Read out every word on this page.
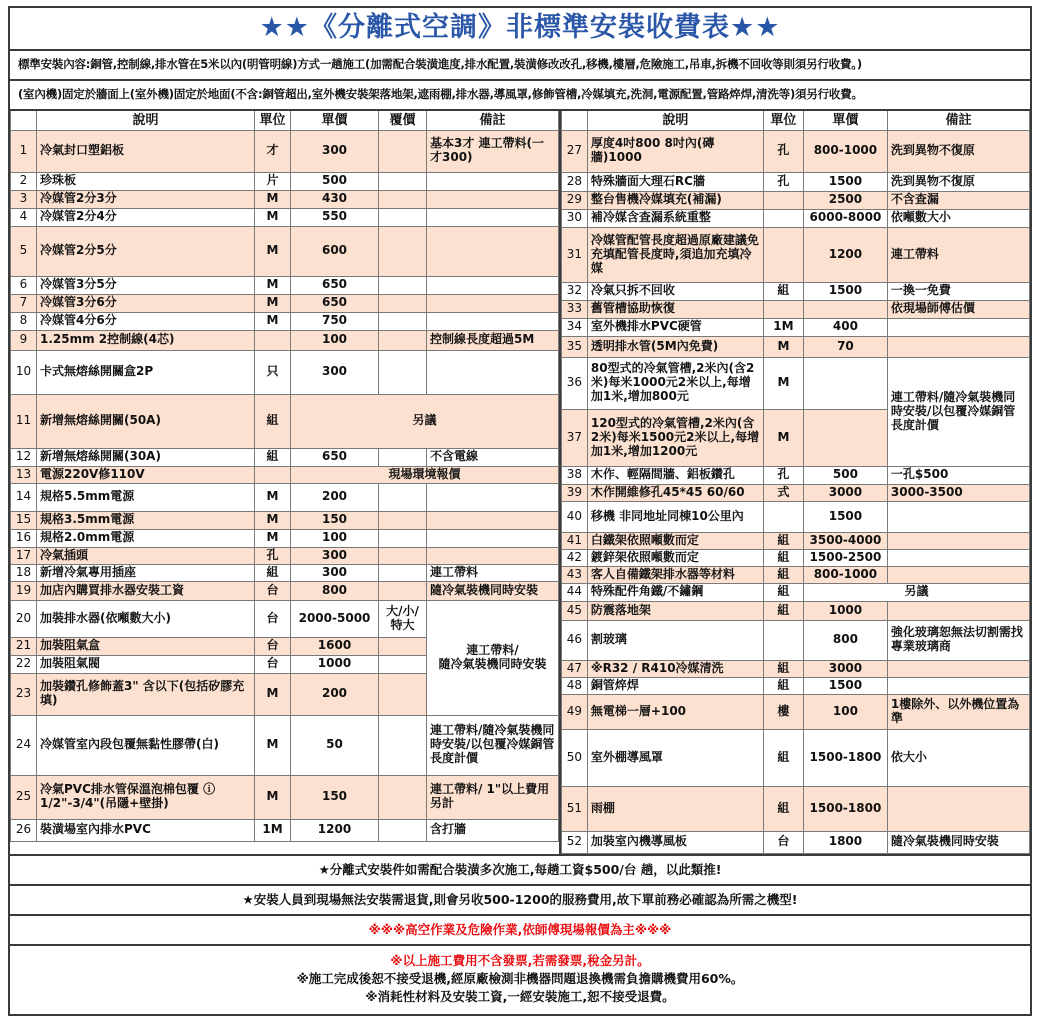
★★《分離式空調》非標準安裝收費表★★
標準安裝內容:銅管,控制線,排水管在5米以內(明管明線)方式一趟施工(加需配合裝潢進度,排水配置,裝潢修改改孔,移機,樓層,危險施工,吊車,拆機不回收等則須另行收費。)
(室內機)固定於牆面上(室外機)固定於地面(不含:銅管超出,室外機安裝架落地架,遮雨棚,排水器,導風罩,修飾管槽,冷媒填充,洗洞,電源配置,管路焠焊,清洗等)須另行收費。
	說明	單位	單價	覆價	備註
1	冷氣封口塑鋁板	才	300		基本3才 連工帶料(一才300)
2	珍珠板	片	500		
3	冷媒管2分3分	M	430		
4	冷媒管2分4分	M	550		
5	冷媒管2分5分	M	600		
6	冷媒管3分5分	M	650		
7	冷媒管3分6分	M	650		
8	冷媒管4分6分	M	750		
9	1.25mm 2控制線(4芯)		100		控制線長度超過5M
10	卡式無熔絲開關盒2P	只	300		
11	新增無熔絲開關(50A)	組	另議		
12	新增無熔絲開關(30A)	組	650		不含電線
13	電源220V修110V		現場環境報價		
14	規格5.5mm電源	M	200		
15	規格3.5mm電源	M	150		
16	規格2.0mm電源	M	100		
17	冷氣插頭	孔	300		
18	新增冷氣專用插座	組	300		連工帶料
19	加店內購買排水器安裝工資	台	800		隨冷氣裝機同時安裝
20	加裝排水器(依噸數大小)	台	2000-5000	大/小/
特大	連工帶料/
隨冷氣裝機同時安裝
21	加裝阻氣盒	台	1600		
22	加裝阻氣閥	台	1000		
23	加裝鑽孔修飾蓋3" 含以下(包括矽膠充填)	M	200		
24	冷媒管室內段包覆無黏性膠帶(白)	M	50		連工帶料/隨冷氣裝機同時安裝/以包覆冷媒銅管長度計價
25	冷氣PVC排水管保溫泡棉包覆 ⓘ 1/2"-3/4"(吊隱+壁掛)	M	150		連工帶料/ 1"以上費用另計
26	裝潢場室內排水PVC	1M	1200		含打牆
	說明	單位	單價	備註
27	厚度4吋800 8吋內(磚牆)1000	孔	800-1000	洗到異物不復原
28	特殊牆面大理石RC牆	孔	1500	洗到異物不復原
29	整台售機冷媒填充(補漏)		2500	不含查漏
30	補冷媒含查漏系統重整		6000-8000	依噸數大小
31	冷媒管配管長度超過原廠建議免充填配管長度時,須追加充填冷媒		1200	連工帶料
32	冷氣只拆不回收	組	1500	一換一免費
33	舊管槽協助恢復			依現場師傅估價
34	室外機排水PVC硬管	1M	400	
35	透明排水管(5M內免費)	M	70	
36	80型式的冷氣管槽,2米內(含2米)每米1000元2米以上,每增加1米,增加800元	M		連工帶料/隨冷氣裝機同時安裝/以包覆冷媒銅管長度計價
37	120型式的冷氣管槽,2米內(含2米)每米1500元2米以上,每增加1米,增加1200元	M		
38	木作、輕隔間牆、鋁板鑽孔	孔	500	一孔$500
39	木作開維修孔45*45 60/60	式	3000	3000-3500
40	移機 非同地址同棟10公里內		1500	
41	白鐵架依照噸數而定	組	3500-4000	
42	鍍鋅架依照噸數而定	組	1500-2500	
43	客人自備鐵架排水器等材料	組	800-1000	
44	特殊配件角鐵/不鏽鋼	組	另議	
45	防震落地架	組	1000	
46	割玻璃		800	強化玻璃恕無法切割需找專業玻璃商
47	※R32 / R410冷媒清洗	組	3000	
48	銅管焠焊	組	1500	
49	無電梯一層+100	樓	100	1樓除外、以外機位置為準
50	室外棚導風罩	組	1500-1800	依大小
51	雨棚	組	1500-1800	
52	加裝室內機導風板	台	1800	隨冷氣裝機同時安裝
★分離式安裝件如需配合裝潢多次施工,每趟工資$500/台 趟，以此類推!
★安裝人員到現場無法安裝需退貨,則會另收500-1200的服務費用,故下單前務必確認為所需之機型!
※※※高空作業及危險作業,依師傅現場報價為主※※※
※以上施工費用不含發票,若需發票,稅金另計。
※施工完成後恕不接受退機,經原廠檢測非機器問題退換機需負擔購機費用60%。
※消耗性材料及安裝工資,一經安裝施工,恕不接受退費。
